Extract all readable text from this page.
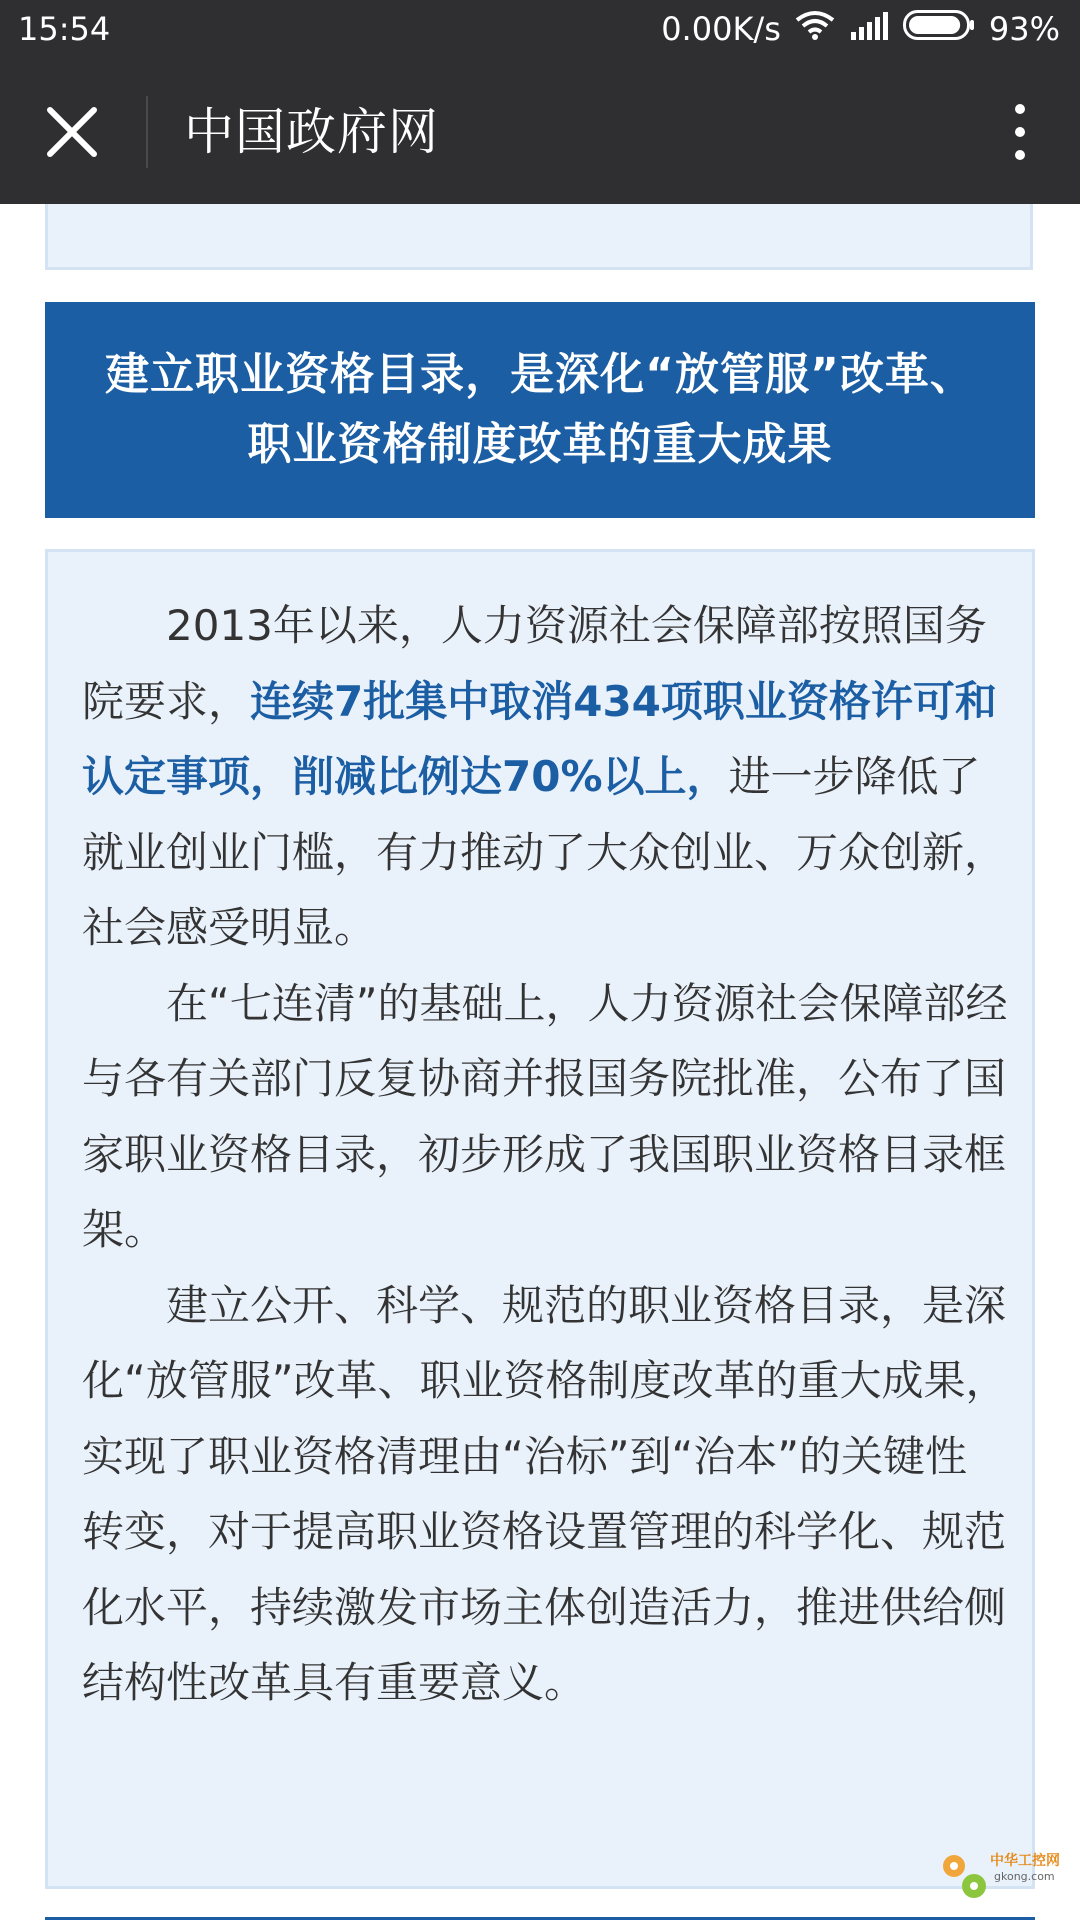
15:54	0.00K/s	93%
中国政府网
建立职业资格目录，是深化“放管服”改革、
职业资格制度改革的重大成果

2013年以来，人力资源社会保障部按照国务院要求，连续7批集中取消434项职业资格许可和认定事项，削减比例达70%以上，进一步降低了就业创业门槛，有力推动了大众创业、万众创新，社会感受明显。

在“七连清”的基础上，人力资源社会保障部经与各有关部门反复协商并报国务院批准，公布了国家职业资格目录，初步形成了我国职业资格目录框架。

建立公开、科学、规范的职业资格目录，是深化“放管服”改革、职业资格制度改革的重大成果，实现了职业资格清理由“治标”到“治本”的关键性转变，对于提高职业资格设置管理的科学化、规范化水平，持续激发市场主体创造活力，推进供给侧结构性改革具有重要意义。

中华工控网
gkong.com
